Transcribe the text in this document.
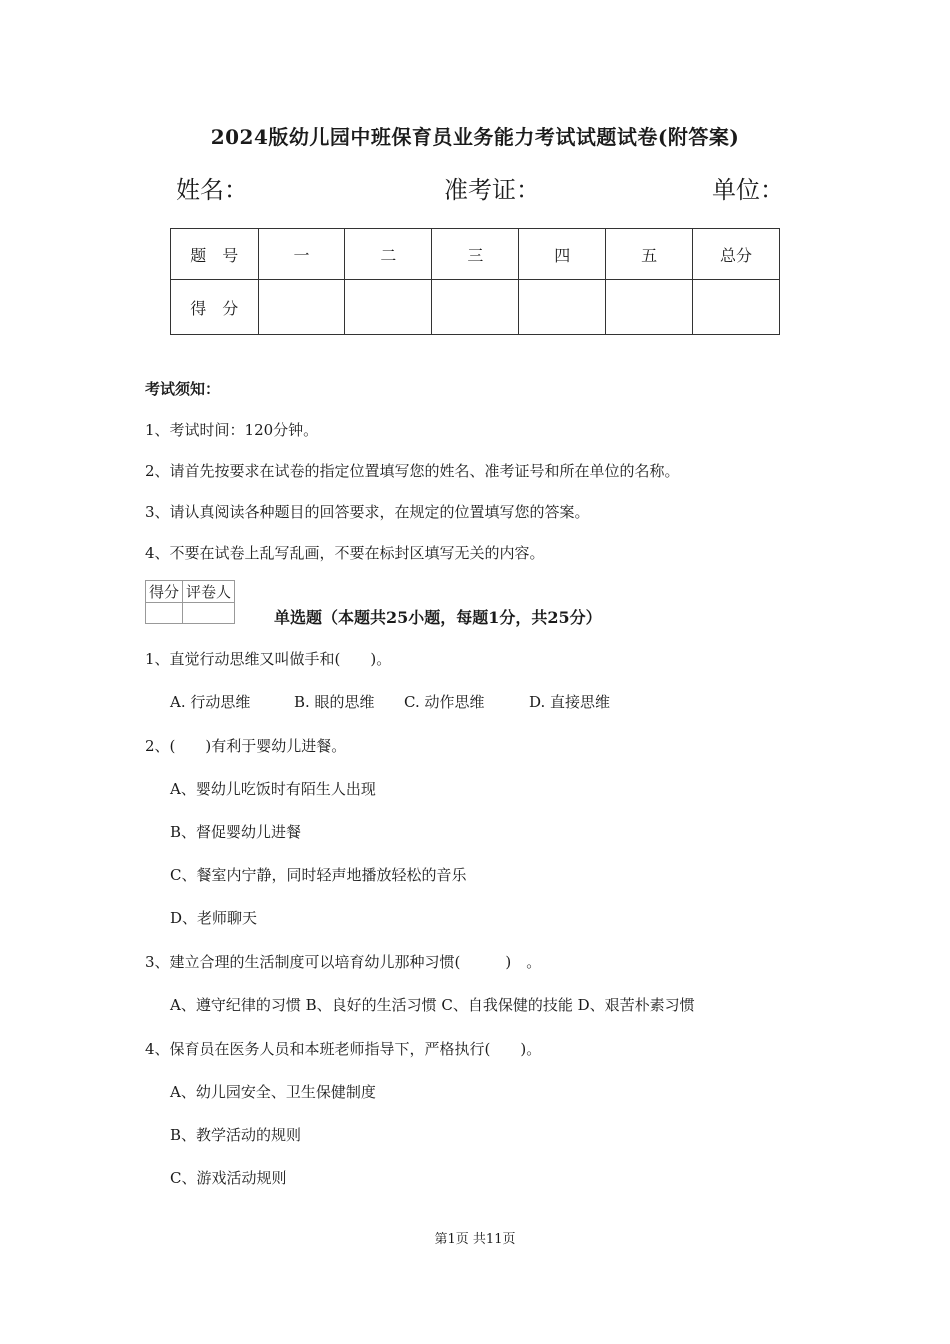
2024版幼儿园中班保育员业务能力考试试题试卷(附答案)
姓名：	准考证：	单位：
题　号	一	二	三	四	五	总分
得　分						
考试须知：
1、考试时间：120分钟。
2、请首先按要求在试卷的指定位置填写您的姓名、准考证号和所在单位的名称。
3、请认真阅读各种题目的回答要求，在规定的位置填写您的答案。
4、不要在试卷上乱写乱画，不要在标封区填写无关的内容。
得分	评卷人

单选题（本题共25小题，每题1分，共25分）
1、直觉行动思维又叫做手和(　　)。
A. 行动思维	B. 眼的思维 C. 动作思维	D. 直接思维
2、(　　)有利于婴幼儿进餐。
A、婴幼儿吃饭时有陌生人出现
B、督促婴幼儿进餐
C、餐室内宁静，同时轻声地播放轻松的音乐
D、老师聊天
3、建立合理的生活制度可以培育幼儿那种习惯(　　　)　。
A、遵守纪律的习惯 B、良好的生活习惯 C、自我保健的技能 D、艰苦朴素习惯
4、保育员在医务人员和本班老师指导下，严格执行(　　)。
A、幼儿园安全、卫生保健制度
B、教学活动的规则
C、游戏活动规则
第1页 共11页
